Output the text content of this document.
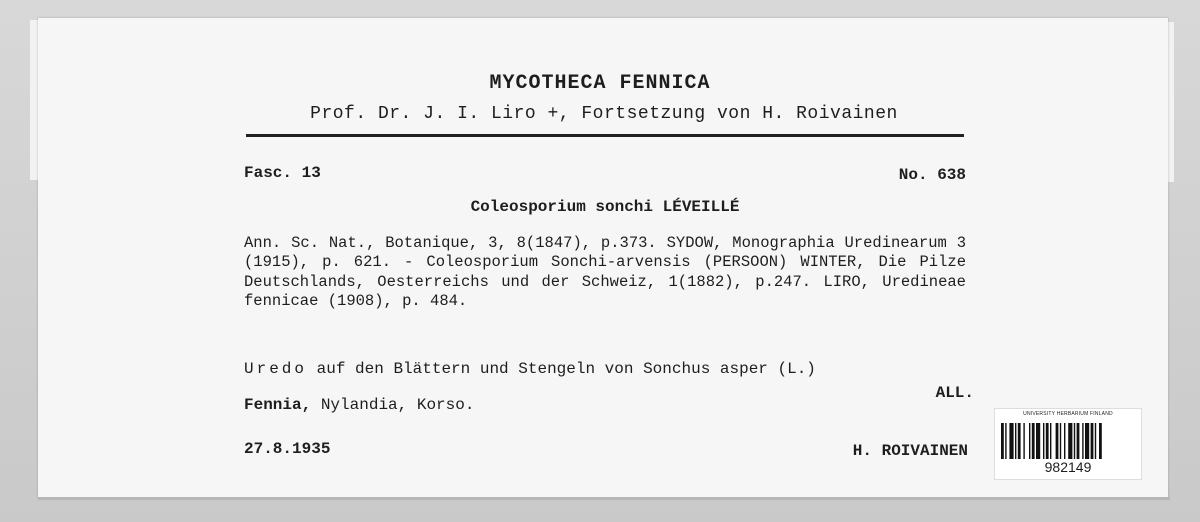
MYCOTHECA FENNICA
Prof. Dr. J. I. Liro +, Fortsetzung von H. Roivainen
Fasc. 13	No. 638
Coleosporium sonchi LÉVEILLÉ
Ann. Sc. Nat., Botanique, 3, 8(1847), p.373. SYDOW, Monographia Uredinearum 3 (1915), p. 621. - Coleosporium Sonchi-arvensis (PERSOON) WINTER, Die Pilze Deutschlands, Oesterreichs und der Schweiz, 1(1882), p.247. LIRO, Uredineae fennicae (1908), p. 484.
Uredo auf den Blättern und Stengeln von Sonchus asper (L.)
ALL.
Fennia, Nylandia, Korso.
27.8.1935	H. ROIVAINEN
UNIVERSITY HERBARIUM FINLAND
982149
